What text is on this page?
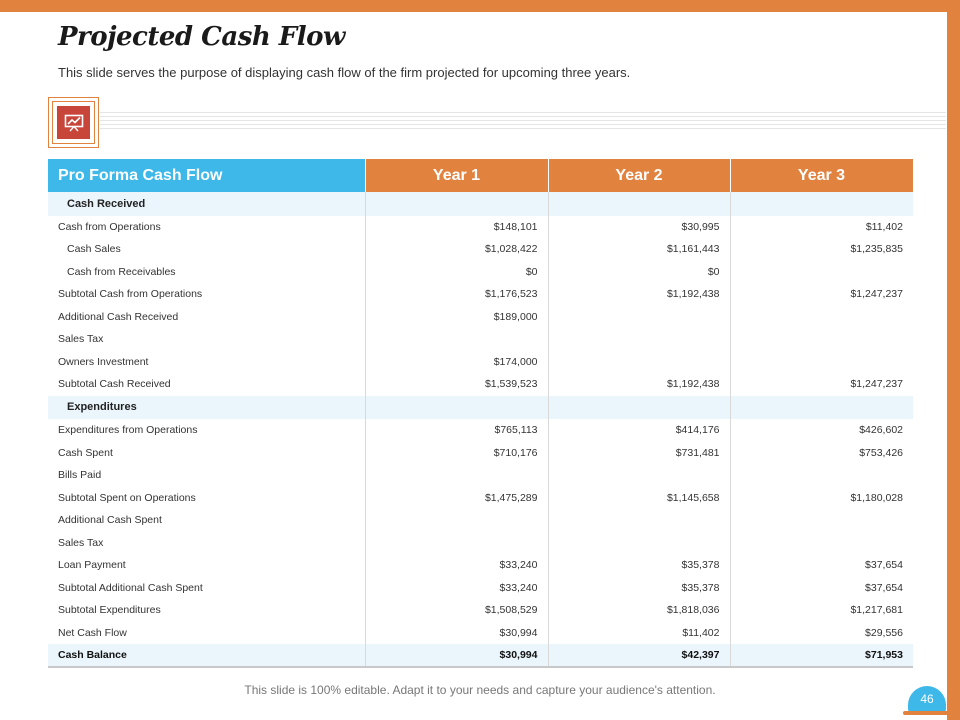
Projected Cash Flow

This slide serves the purpose of displaying cash flow of the firm projected for upcoming three years.

Pro Forma Cash Flow	Year 1	Year 2	Year 3
Cash Received			
Cash from Operations	$148,101	$30,995	$11,402
Cash Sales	$1,028,422	$1,161,443	$1,235,835
Cash from Receivables	$0	$0	
Subtotal Cash from Operations	$1,176,523	$1,192,438	$1,247,237
Additional Cash Received	$189,000		
Sales Tax			
Owners Investment	$174,000		
Subtotal Cash Received	$1,539,523	$1,192,438	$1,247,237
Expenditures			
Expenditures from Operations	$765,113	$414,176	$426,602
Cash Spent	$710,176	$731,481	$753,426
Bills Paid			
Subtotal Spent on Operations	$1,475,289	$1,145,658	$1,180,028
Additional Cash Spent			
Sales Tax			
Loan Payment	$33,240	$35,378	$37,654
Subtotal Additional Cash Spent	$33,240	$35,378	$37,654
Subtotal Expenditures	$1,508,529	$1,818,036	$1,217,681
Net Cash Flow	$30,994	$11,402	$29,556
Cash Balance	$30,994	$42,397	$71,953
This slide is 100% editable. Adapt it to your needs and capture your audience's attention.
46
